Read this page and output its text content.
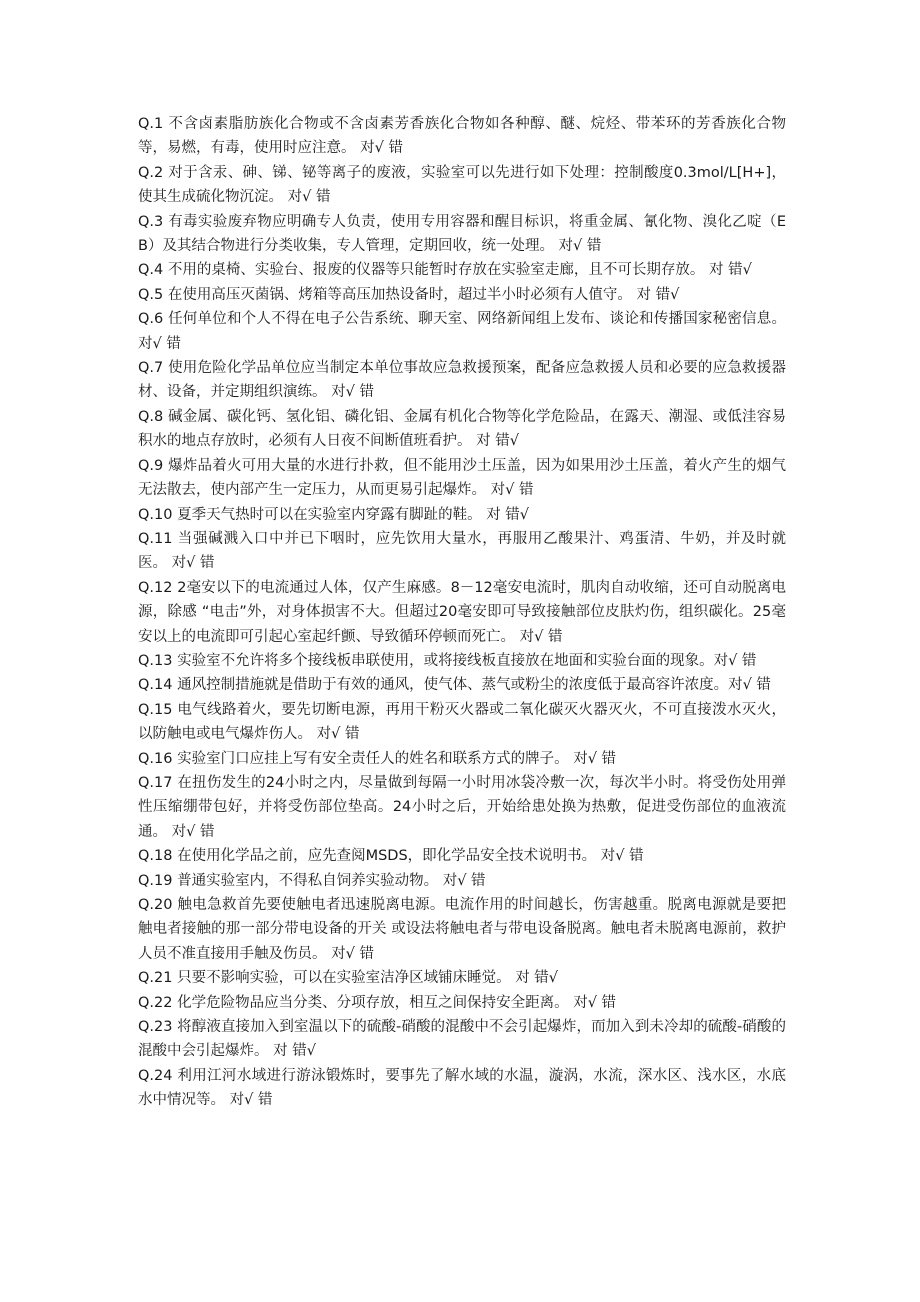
Q.1 不含卤素脂肪族化合物或不含卤素芳香族化合物如各种醇、醚、烷烃、带苯环的芳香族化合物等，易燃，有毒，使用时应注意。 对√ 错

Q.2 对于含汞、砷、锑、铋等离子的废液，实验室可以先进行如下处理：控制酸度0.3mol/L[H+]，使其生成硫化物沉淀。 对√ 错

Q.3 有毒实验废弃物应明确专人负责，使用专用容器和醒目标识，将重金属、氰化物、溴化乙啶（EB）及其结合物进行分类收集，专人管理，定期回收，统一处理。 对√ 错

Q.4 不用的桌椅、实验台、报废的仪器等只能暂时存放在实验室走廊，且不可长期存放。 对 错√

Q.5 在使用高压灭菌锅、烤箱等高压加热设备时，超过半小时必须有人值守。 对 错√

Q.6 任何单位和个人不得在电子公告系统、聊天室、网络新闻组上发布、谈论和传播国家秘密信息。 对√ 错

Q.7 使用危险化学品单位应当制定本单位事故应急救援预案，配备应急救援人员和必要的应急救援器材、设备，并定期组织演练。 对√ 错

Q.8 碱金属、碳化钙、氢化铝、磷化铝、金属有机化合物等化学危险品，在露天、潮湿、或低洼容易积水的地点存放时，必须有人日夜不间断值班看护。 对 错√

Q.9 爆炸品着火可用大量的水进行扑救，但不能用沙土压盖，因为如果用沙土压盖，着火产生的烟气无法散去，使内部产生一定压力，从而更易引起爆炸。 对√ 错

Q.10 夏季天气热时可以在实验室内穿露有脚趾的鞋。 对 错√

Q.11 当强碱溅入口中并已下咽时，应先饮用大量水，再服用乙酸果汁、鸡蛋清、牛奶，并及时就医。 对√ 错

Q.12 2毫安以下的电流通过人体，仅产生麻感。8－12毫安电流时，肌肉自动收缩，还可自动脱离电源，除感 “电击”外，对身体损害不大。但超过20毫安即可导致接触部位皮肤灼伤，组织碳化。25毫安以上的电流即可引起心室起纤颤、导致循环停顿而死亡。 对√ 错

Q.13 实验室不允许将多个接线板串联使用，或将接线板直接放在地面和实验台面的现象。对√ 错

Q.14 通风控制措施就是借助于有效的通风，使气体、蒸气或粉尘的浓度低于最高容许浓度。对√ 错

Q.15 电气线路着火，要先切断电源，再用干粉灭火器或二氧化碳灭火器灭火，不可直接泼水灭火，以防触电或电气爆炸伤人。 对√ 错

Q.16 实验室门口应挂上写有安全责任人的姓名和联系方式的牌子。 对√ 错

Q.17 在扭伤发生的24小时之内，尽量做到每隔一小时用冰袋冷敷一次，每次半小时。将受伤处用弹性压缩绷带包好，并将受伤部位垫高。24小时之后，开始给患处换为热敷，促进受伤部位的血液流通。 对√ 错

Q.18 在使用化学品之前，应先查阅MSDS，即化学品安全技术说明书。 对√ 错

Q.19 普通实验室内，不得私自饲养实验动物。 对√ 错

Q.20 触电急救首先要使触电者迅速脱离电源。电流作用的时间越长，伤害越重。脱离电源就是要把触电者接触的那一部分带电设备的开关 或设法将触电者与带电设备脱离。触电者未脱离电源前，救护人员不准直接用手触及伤员。 对√ 错

Q.21 只要不影响实验，可以在实验室洁净区域铺床睡觉。 对 错√

Q.22 化学危险物品应当分类、分项存放，相互之间保持安全距离。 对√ 错

Q.23 将醇液直接加入到室温以下的硫酸-硝酸的混酸中不会引起爆炸，而加入到未冷却的硫酸-硝酸的混酸中会引起爆炸。 对 错√

Q.24 利用江河水域进行游泳锻炼时，要事先了解水域的水温，漩涡，水流，深水区、浅水区，水底水中情况等。 对√ 错
